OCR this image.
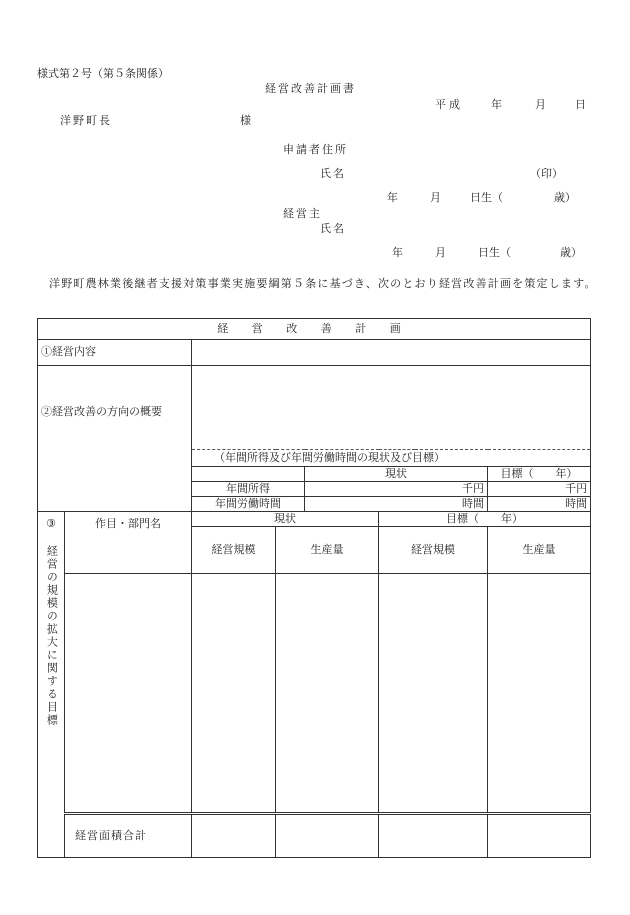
様式第２号（第５条関係）
経営改善計画書
平成	年	月	日
洋野町長	様
申請者住所
氏名	（印）
年	月	日生（	歳）
経営主
氏名
年	月	日生（	歳）
洋野町農林業後継者支援対策事業実施要綱第５条に基づき、次のとおり経営改善計画を策定します。
経 営 改 善 計 画						
①経営内容						
②経営改善の方向の概要						
		（年間所得及び年間労働時間の現状及び目標）				
				現状		目標（　　年）
		年間所得		千円		千円
		年間労働時間		時間		時間

③
経営の規模の拡大に関する目標	作目・部門名	現状			目標（　　年）	
		経営規模	生産量		経営規模	生産量

	経営面積合計					
